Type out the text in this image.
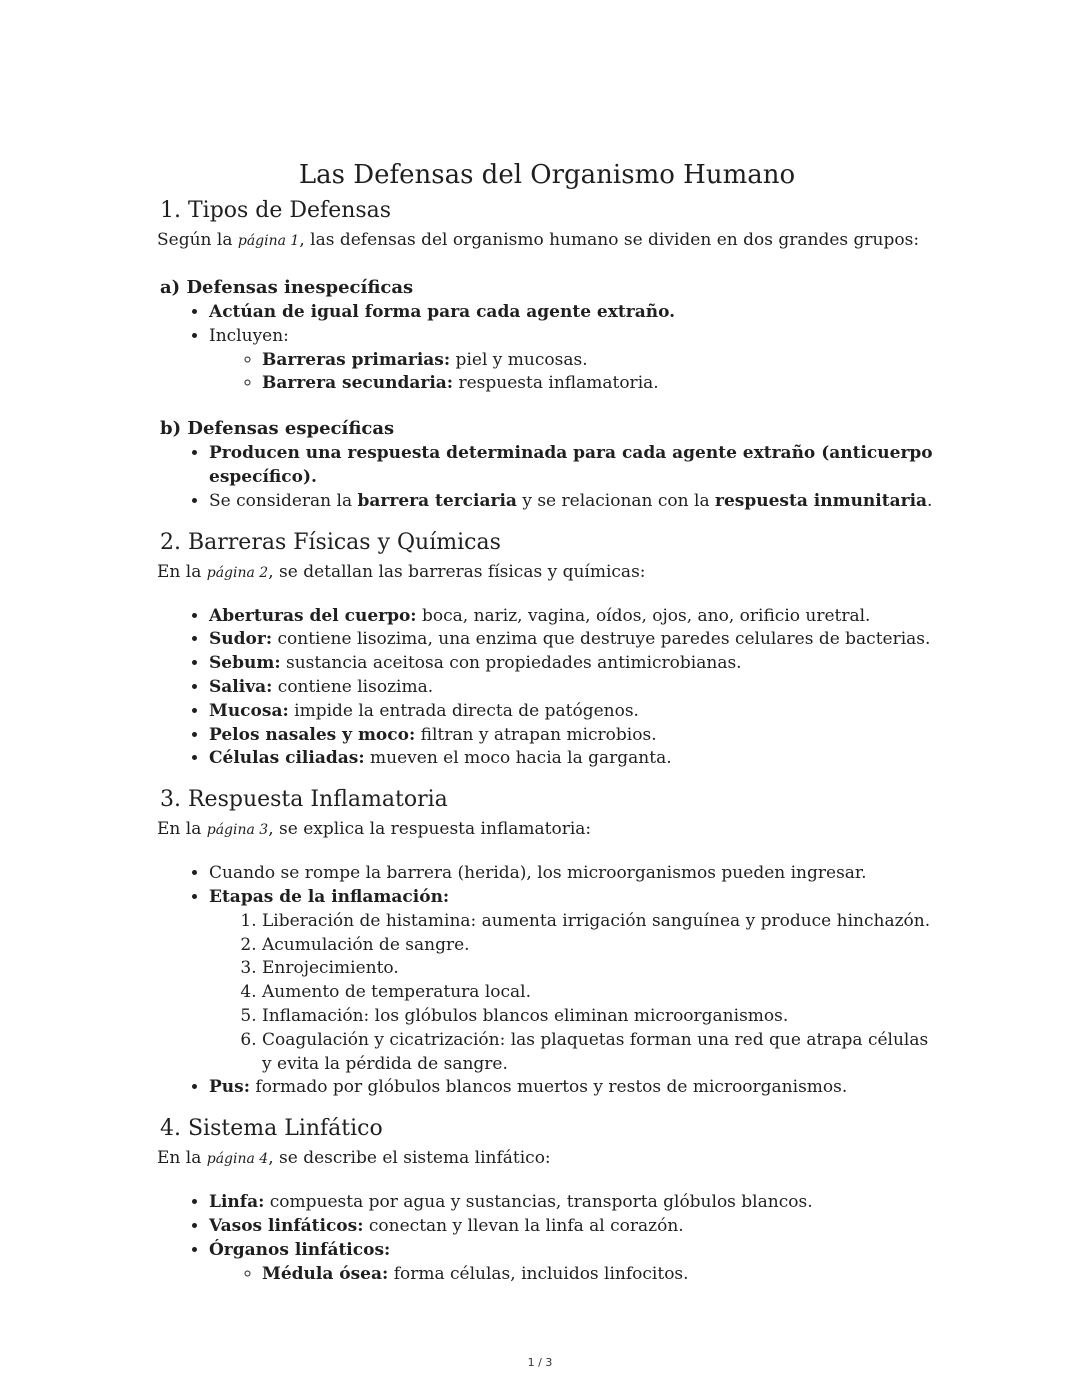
Las Defensas del Organismo Humano
1. Tipos de Defensas

Según la página 1, las defensas del organismo humano se dividen en dos grandes grupos:

a) Defensas inespecíficas
• Actúan de igual forma para cada agente extraño.
• Incluyen:
◦ Barreras primarias: piel y mucosas.
◦ Barrera secundaria: respuesta inflamatoria.
b) Defensas específicas
• Producen una respuesta determinada para cada agente extraño (anticuerpo específico).
• Se consideran la barrera terciaria y se relacionan con la respuesta inmunitaria.
2. Barreras Físicas y Químicas

En la página 2, se detallan las barreras físicas y químicas:

• Aberturas del cuerpo: boca, nariz, vagina, oídos, ojos, ano, orificio uretral.
• Sudor: contiene lisozima, una enzima que destruye paredes celulares de bacterias.
• Sebum: sustancia aceitosa con propiedades antimicrobianas.
• Saliva: contiene lisozima.
• Mucosa: impide la entrada directa de patógenos.
• Pelos nasales y moco: filtran y atrapan microbios.
• Células ciliadas: mueven el moco hacia la garganta.
3. Respuesta Inflamatoria

En la página 3, se explica la respuesta inflamatoria:

• Cuando se rompe la barrera (herida), los microorganismos pueden ingresar.
• Etapas de la inflamación:
1. Liberación de histamina: aumenta irrigación sanguínea y produce hinchazón.
2. Acumulación de sangre.
3. Enrojecimiento.
4. Aumento de temperatura local.
5. Inflamación: los glóbulos blancos eliminan microorganismos.
6. Coagulación y cicatrización: las plaquetas forman una red que atrapa células y evita la pérdida de sangre.
• Pus: formado por glóbulos blancos muertos y restos de microorganismos.
4. Sistema Linfático

En la página 4, se describe el sistema linfático:

• Linfa: compuesta por agua y sustancias, transporta glóbulos blancos.
• Vasos linfáticos: conectan y llevan la linfa al corazón.
• Órganos linfáticos:
◦ Médula ósea: forma células, incluidos linfocitos.
1 / 3
